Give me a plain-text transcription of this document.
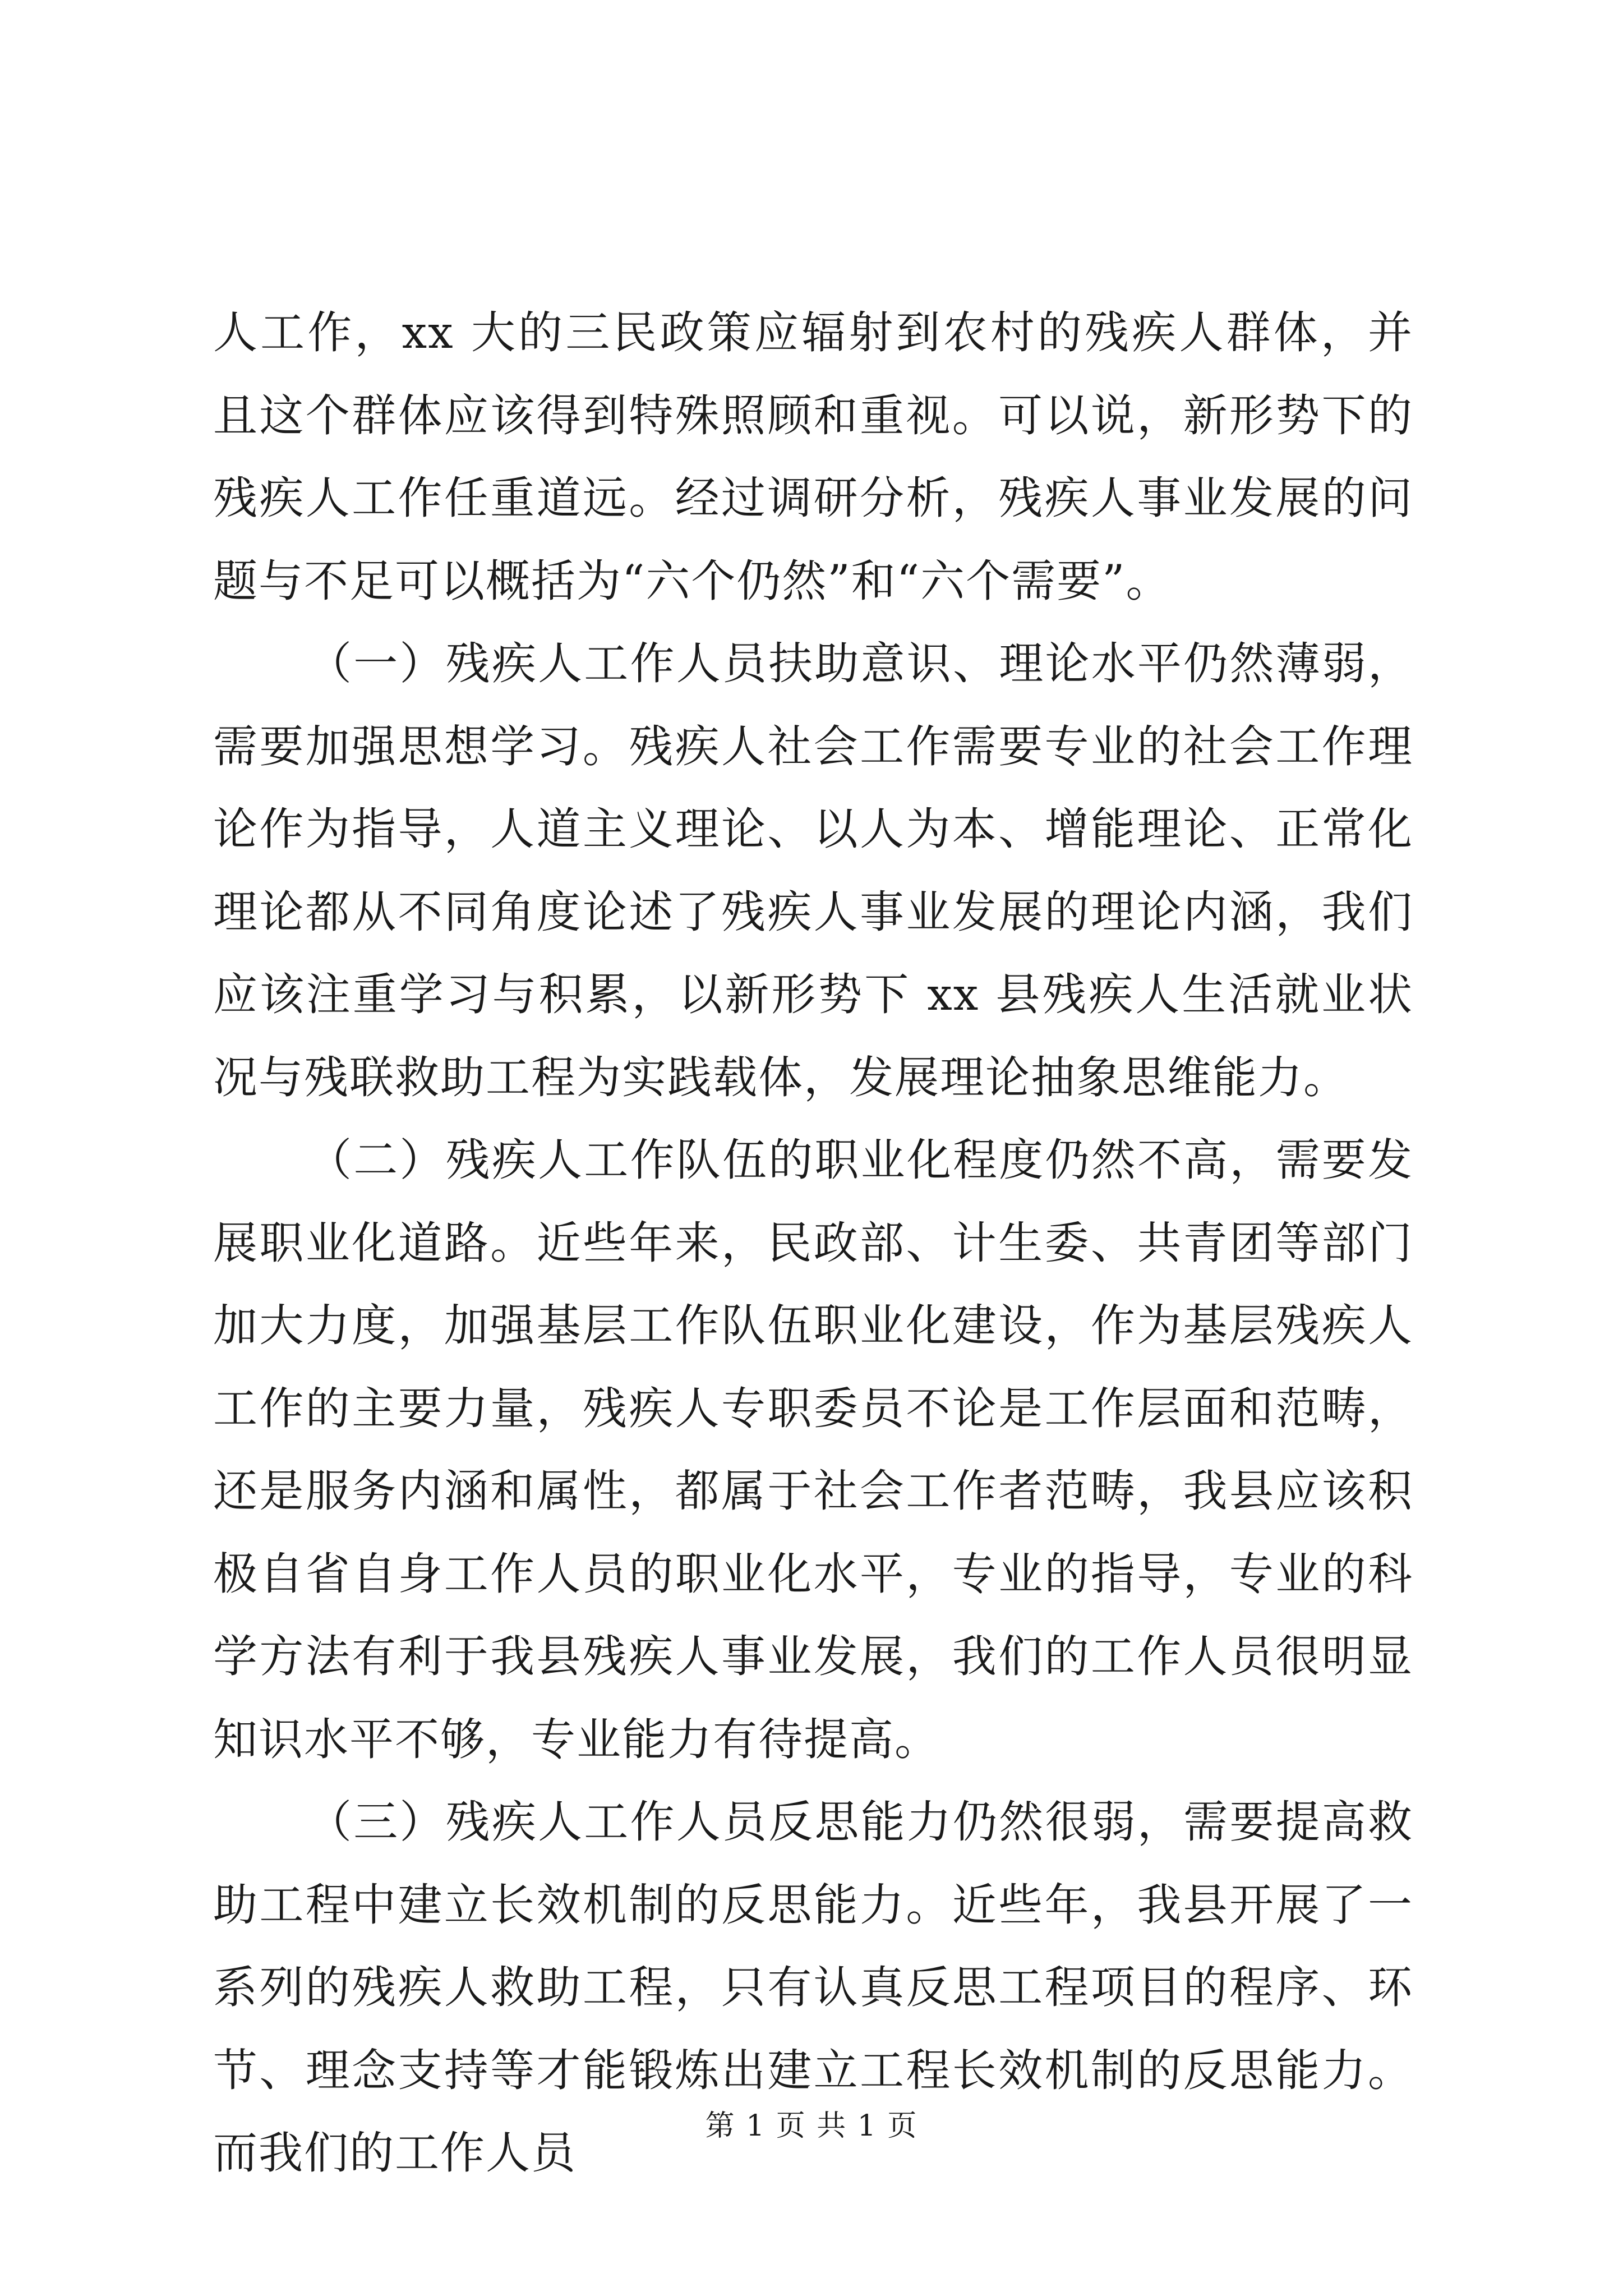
人工作，xx 大的三民政策应辐射到农村的残疾人群体，并且这个群体应该得到特殊照顾和重视。可以说，新形势下的残疾人工作任重道远。经过调研分析，残疾人事业发展的问题与不足可以概括为“六个仍然”和“六个需要”。

（一）残疾人工作人员扶助意识、理论水平仍然薄弱，需要加强思想学习。残疾人社会工作需要专业的社会工作理论作为指导，人道主义理论、以人为本、增能理论、正常化理论都从不同角度论述了残疾人事业发展的理论内涵，我们应该注重学习与积累，以新形势下 xx 县残疾人生活就业状况与残联救助工程为实践载体，发展理论抽象思维能力。

（二）残疾人工作队伍的职业化程度仍然不高，需要发展职业化道路。近些年来，民政部、计生委、共青团等部门加大力度，加强基层工作队伍职业化建设，作为基层残疾人工作的主要力量，残疾人专职委员不论是工作层面和范畴，还是服务内涵和属性，都属于社会工作者范畴，我县应该积极自省自身工作人员的职业化水平，专业的指导，专业的科学方法有利于我县残疾人事业发展，我们的工作人员很明显知识水平不够，专业能力有待提高。

（三）残疾人工作人员反思能力仍然很弱，需要提高救助工程中建立长效机制的反思能力。近些年，我县开展了一系列的残疾人救助工程，只有认真反思工程项目的程序、环节、理念支持等才能锻炼出建立工程长效机制的反思能力。而我们的工作人员

第 1 页 共 1 页
